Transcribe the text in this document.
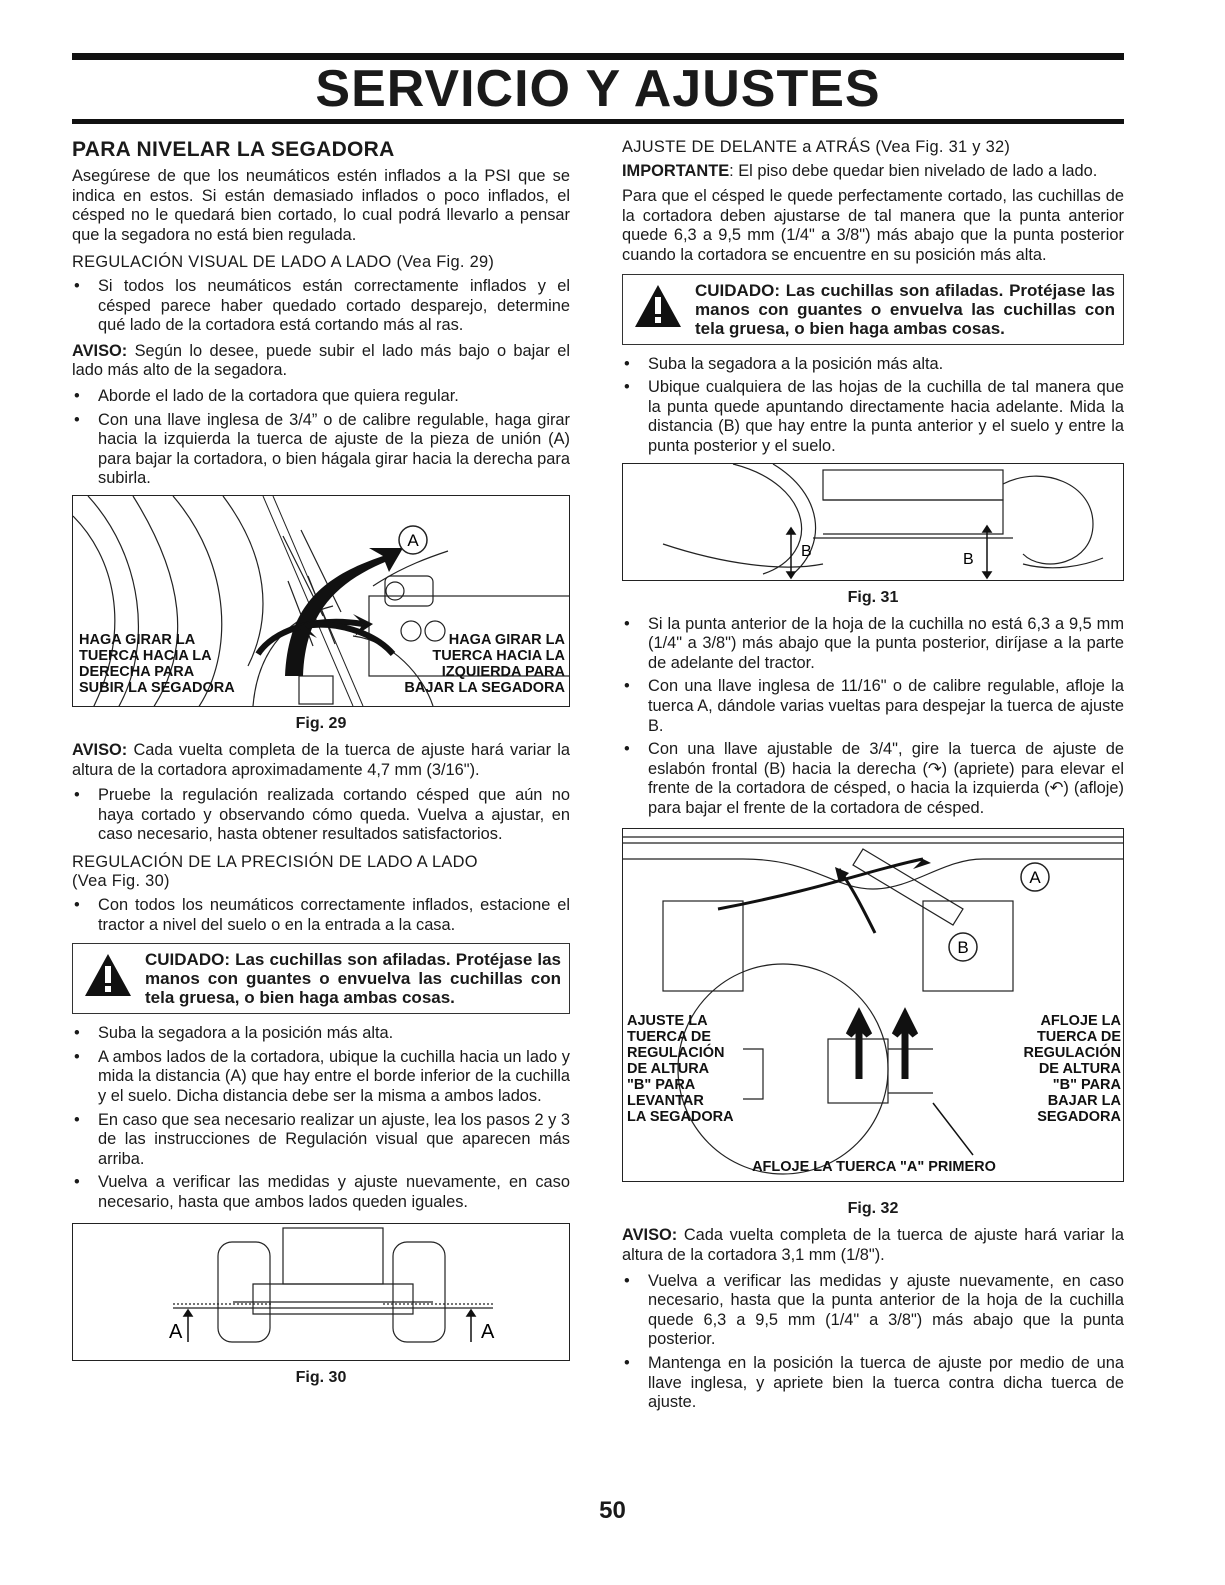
SERVICIO Y AJUSTES
PARA NIVELAR LA SEGADORA

Asegúrese de que los neumáticos estén inflados a la PSI que se indica en estos. Si están demasiado inflados o poco inflados, el césped no le quedará bien cortado, lo cual podrá llevarlo a pensar que la segadora no está bien regulada.

REGULACIÓN VISUAL DE LADO A LADO (Vea Fig. 29)
• Si todos los neumáticos están correctamente inflados y el césped parece haber quedado cortado desparejo, determine qué lado de la cortadora está cortando más al ras.

AVISO: Según lo desee, puede subir el lado más bajo o bajar el lado más alto de la segadora.

• Aborde el lado de la cortadora que quiera regular.
• Con una llave inglesa de 3/4” o de calibre regulable, haga girar hacia la izquierda la tuerca de ajuste de la pieza de unión (A) para bajar la cortadora, o bien hágala girar hacia la derecha para subirla.
A
HAGA GIRAR LA
TUERCA HACIA LA
DERECHA PARA
SUBIR LA SEGADORA
HAGA GIRAR LA
TUERCA HACIA LA
IZQUIERDA PARA
BAJAR LA SEGADORA
Fig. 29

AVISO: Cada vuelta completa de la tuerca de ajuste hará variar la altura de la cortadora aproximadamente 4,7 mm (3/16").

• Pruebe la regulación realizada cortando césped que aún no haya cortado y observando cómo queda. Vuelva a ajustar, en caso necesario, hasta obtener resultados satisfactorios.
REGULACIÓN DE LA PRECISIÓN DE LADO A LADO
(Vea Fig. 30)
• Con todos los neumáticos correctamente inflados, estacione el tractor a nivel del suelo o en la entrada a la casa.
CUIDADO: Las cuchillas son afiladas. Protéjase las manos con guantes o envuelva las cuchillas con tela gruesa, o bien haga ambas cosas.
• Suba la segadora a la posición más alta.
• A ambos lados de la cortadora, ubique la cuchilla hacia un lado y mida la distancia (A) que hay entre el borde inferior de la cuchilla y el suelo. Dicha distancia debe ser la misma a ambos lados.
• En caso que sea necesario realizar un ajuste, lea los pasos 2 y 3 de las instrucciones de Regulación visual que aparecen más arriba.
• Vuelva a verificar las medidas y ajuste nuevamente, en caso necesario, hasta que ambos lados queden iguales.
A	A
Fig. 30
AJUSTE DE DELANTE a ATRÁS (Vea Fig. 31 y 32)

IMPORTANTE: El piso debe quedar bien nivelado de lado a lado.

Para que el césped le quede perfectamente cortado, las cuchillas de la cortadora deben ajustarse de tal manera que la punta anterior quede 6,3 a 9,5 mm (1/4" a 3/8") más abajo que la punta posterior cuando la cortadora se encuentre en su posición más alta.

CUIDADO: Las cuchillas son afiladas. Protéjase las manos con guantes o envuelva las cuchillas con tela gruesa, o bien haga ambas cosas.
• Suba la segadora a la posición más alta.
• Ubique cualquiera de las hojas de la cuchilla de tal manera que la punta quede apuntando directamente hacia adelante. Mida la distancia (B) que hay entre la punta anterior y el suelo y entre la punta posterior y el suelo.
B	B
Fig. 31
• Si la punta anterior de la hoja de la cuchilla no está 6,3 a 9,5 mm (1/4" a 3/8") más abajo que la punta posterior, diríjase a la parte de adelante del tractor.
• Con una llave inglesa de 11/16" o de calibre regulable, afloje la tuerca A, dándole varias vueltas para despejar la tuerca de ajuste B.
• Con una llave ajustable de 3/4", gire la tuerca de ajuste de eslabón frontal (B) hacia la derecha (↷) (apriete) para elevar el frente de la cortadora de césped, o hacia la izquierda (↶) (afloje) para bajar el frente de la cortadora de césped.
A
B
AJUSTE LA
TUERCA DE
REGULACIÓN
DE ALTURA
"B" PARA
LEVANTAR
LA SEGADORA
AFLOJE LA
TUERCA DE
REGULACIÓN
DE ALTURA
"B" PARA
BAJAR LA
SEGADORA
AFLOJE LA TUERCA "A" PRIMERO
Fig. 32

AVISO: Cada vuelta completa de la tuerca de ajuste hará variar la altura de la cortadora 3,1 mm (1/8").

• Vuelva a verificar las medidas y ajuste nuevamente, en caso necesario, hasta que la punta anterior de la hoja de la cuchilla quede 6,3 a 9,5 mm (1/4" a 3/8") más abajo que la punta posterior.
• Mantenga en la posición la tuerca de ajuste por medio de una llave inglesa, y apriete bien la tuerca contra dicha tuerca de ajuste.
50
